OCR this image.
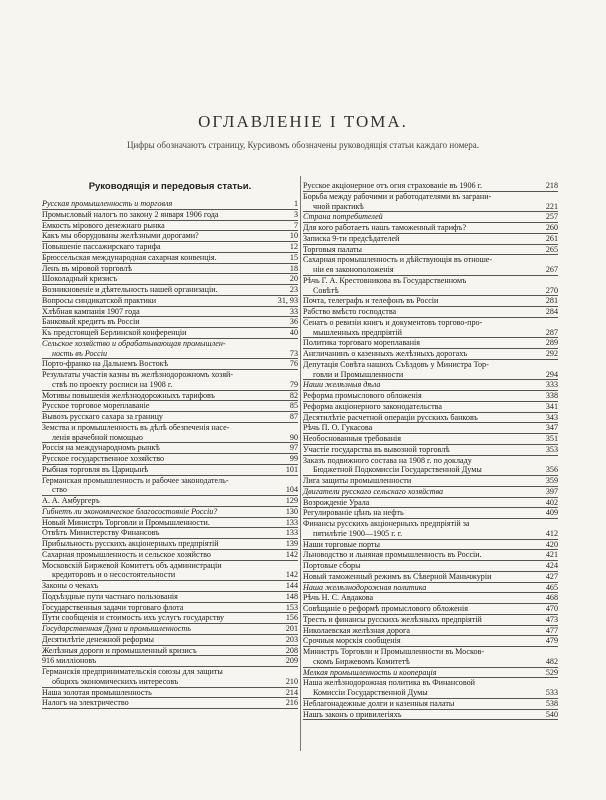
ОГЛАВЛЕНІЕ I ТОМА.
Цифры обозначаютъ страницу, Курсивомъ обозначены руководящія статьи каждаго номера.
Руководящія и передовыя статьи.
Русская промышленность и торговля	1
Промысловый налогъ по закону 2 января 1906 года	3
Емкость мірового денежнаго рынка	7
Какъ мы оборудованы желѣзными дорогами?	10
Повышеніе пассажирскаго тарифа	12
Брюссельская международная сахарная конвенція.	15
Ленъ въ міровой торговлѣ	18
Шоколадный кризисъ	20
Возникновеніе и дѣятельность нашей организаціи.	23
Вопросы синдикатской практики	31, 93
Хлѣбная кампанія 1907 года	33
Банковый кредитъ въ Россіи	36
Къ предстоящей Берлинской конференціи	40
Сельское хозяйство и обрабатывающая промышлен-
ность въ Россіи	73
Порто-франко на Дальнемъ Востокѣ	76
Результаты участія казны въ желѣзнодорожномъ хозяй-
ствѣ по проекту росписи на 1908 г.	79
Мотивы повышенія желѣзнодорожныхъ тарифовъ	82
Русское торговое мореплаваніе	85
Вывозъ русскаго сахара за границу	87
Земства и промышленность въ дѣлѣ обезпеченія насе-
ленія врачебной помощью	90
Россія на международномъ рынкѣ	97
Русское государственное хозяйство	99
Рыбная торговля въ Царицынѣ	101
Германская промышленность и рабочее законодатель-
ство	104
А. А. Амбургеръ	129
Гибнетъ ли экономическое благосостояніе Россіи?	130
Новый Министръ Торговли и Промышленности.	133
Отвѣтъ Министерству Финансовъ	133
Прибыльность русскихъ акціонерныхъ предпріятій	139
Сахарная промышленность и сельское хозяйство	142
Московскій Биржевой Комитетъ объ администраціи
кредиторовъ и о несостоятельности	142
Законы о чекахъ	144
Подъѣздные пути частнаго пользованія	148
Государственныя задачи торговаго флота	153
Пути сообщенія и стоимость ихъ услугъ государству	156
Государственная Дума и промышленность	201
Десятилѣтіе денежной реформы	203
Желѣзныя дороги и промышленный кризисъ	208
916 милліоновъ	209
Германскія предпринимательскія союзы для защиты
общихъ экономическихъ интересовъ	210
Наша золотая промышленность	214
Налогъ на электричество	216
Русское акціонерное отъ огня страхованіе въ 1906 г.	218
Борьба между рабочими и работодателями въ заграни-
чной практикѣ	221
Страна потребителей	257
Для кого работаетъ нашъ таможенный тарифъ?	260
Записка 9-ти предсѣдателей	261
Торговыя палаты	265
Сахарная промышленность и дѣйствующія въ отноше-
ніи ея законоположенія	267
Рѣчь Г. А. Крестовникова въ Государственномъ
Совѣтѣ	270
Почта, телеграфъ и телефонъ въ Россіи	281
Рабство вмѣсто господства	284
Сенатъ о ревизіи книгъ и документовъ торгово-про-
мышленныхъ предпріятій	287
Политика торговаго мореплаванія	289
Англичанинъ о казенныхъ желѣзныхъ дорогахъ	292
Депутація Совѣта нашихъ Съѣздовъ у Министра Тор-
говли и Промышленности	294
Наши желѣзныя дѣла	333
Реформа промыслового обложенія	338
Реформа акціонерного законодательства	341
Десятилѣтіе расчетной операціи русскихъ банковъ	343
Рѣчь П. О. Гукасова	347
Необоснованныя требованія	351
Участіе государства въ вывозной торговлѣ	353
Заказъ подвижного состава на 1908 г. по докладу
Бюджетной Подкомиссіи Государственной Думы	356
Лига защиты промышленности	359
Двигатели русскаго сельскаго хозяйства	397
Возрожденіе Урала	402
Регулированіе цѣнъ на нефть	409
Финансы русскихъ акціонерныхъ предпріятій за
пятилѣтіе 1900—1905 г. г.	412
Наши торговые порты	420
Льноводство и льняная промышленность въ Россіи.	421
Портовые сборы	424
Новый таможенный режимъ въ Сѣверной Маньчжуріи	427
Наша желѣзнодорожная политика	465
Рѣчь Н. С. Авдакова	468
Совѣщаніе о реформѣ промыслового обложенія	470
Тресть и финансы русскихъ желѣзныхъ предпріятій	473
Николаевская желѣзная дорога	477
Срочныя морскія сообщенія	479
Министръ Торговли и Промышленности въ Москов-
скомъ Биржевомъ Комитетѣ	482
Мелкая промышленность и кооперація	529
Наша желѣзнодорожная политика въ Финансовой
Комиссіи Государственной Думы	533
Неблагонадежные долги и казенныя палаты	538
Нашъ законъ о привилегіяхъ	540
